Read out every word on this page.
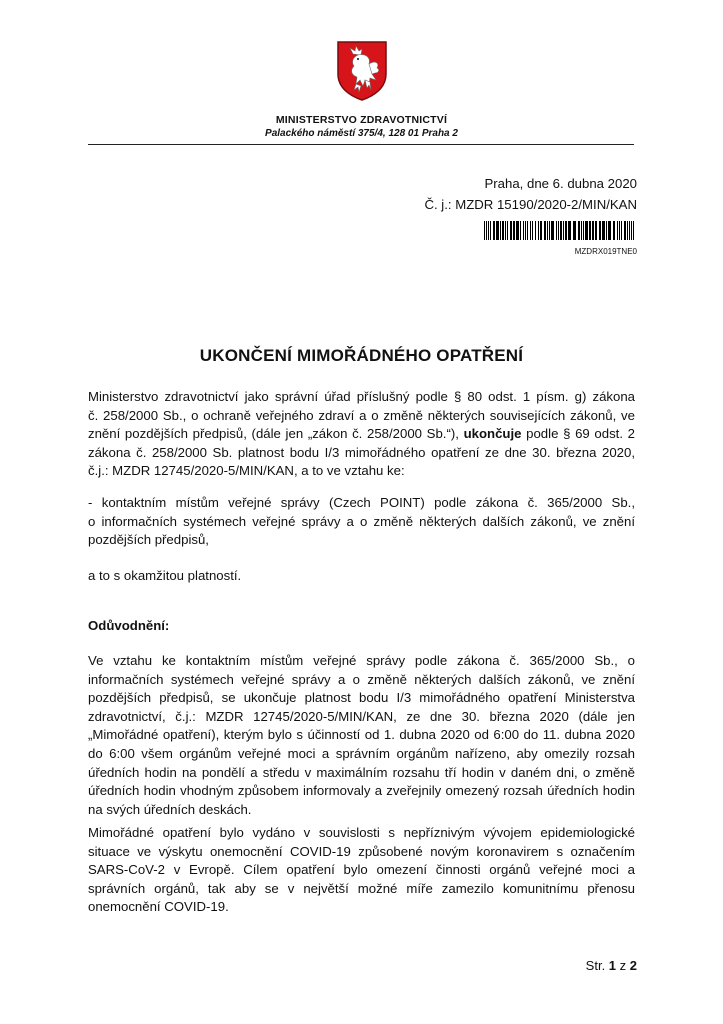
MINISTERSTVO ZDRAVOTNICTVÍ
Palackého náměstí 375/4, 128 01 Praha 2
Praha, dne 6. dubna 2020
Č. j.: MZDR 15190/2020-2/MIN/KAN
MZDRX019TNE0
UKONČENÍ MIMOŘÁDNÉHO OPATŘENÍ
Ministerstvo zdravotnictví jako správní úřad příslušný podle § 80 odst. 1 písm. g) zákona
č. 258/2000 Sb., o ochraně veřejného zdraví a o změně některých souvisejících zákonů, ve
znění pozdějších předpisů, (dále jen „zákon č. 258/2000 Sb.“), ukončuje podle § 69 odst. 2
zákona č. 258/2000 Sb. platnost bodu I/3 mimořádného opatření ze dne 30. března 2020,
č.j.: MZDR 12745/2020-5/MIN/KAN, a to ve vztahu ke:
- kontaktním místům veřejné správy (Czech POINT) podle zákona č. 365/2000 Sb.,
o informačních systémech veřejné správy a o změně některých dalších zákonů, ve znění
pozdějších předpisů,
a to s okamžitou platností.
Odůvodnění:
Ve vztahu ke kontaktním místům veřejné správy podle zákona č. 365/2000 Sb., o
informačních systémech veřejné správy a o změně některých dalších zákonů, ve znění
pozdějších předpisů, se ukončuje platnost bodu I/3 mimořádného opatření Ministerstva
zdravotnictví, č.j.: MZDR 12745/2020-5/MIN/KAN, ze dne 30. března 2020 (dále jen
„Mimořádné opatření), kterým bylo s účinností od 1. dubna 2020 od 6:00 do 11. dubna 2020
do 6:00 všem orgánům veřejné moci a správním orgánům nařízeno, aby omezily rozsah
úředních hodin na pondělí a středu v maximálním rozsahu tří hodin v daném dni, o změně
úředních hodin vhodným způsobem informovaly a zveřejnily omezený rozsah úředních hodin
na svých úředních deskách.
Mimořádné opatření bylo vydáno v souvislosti s nepříznivým vývojem epidemiologické
situace ve výskytu onemocnění COVID-19 způsobené novým koronavirem s označením
SARS-CoV-2 v Evropě. Cílem opatření bylo omezení činnosti orgánů veřejné moci a
správních orgánů, tak aby se v největší možné míře zamezilo komunitnímu přenosu
onemocnění COVID-19.
Str. 1 z 2
